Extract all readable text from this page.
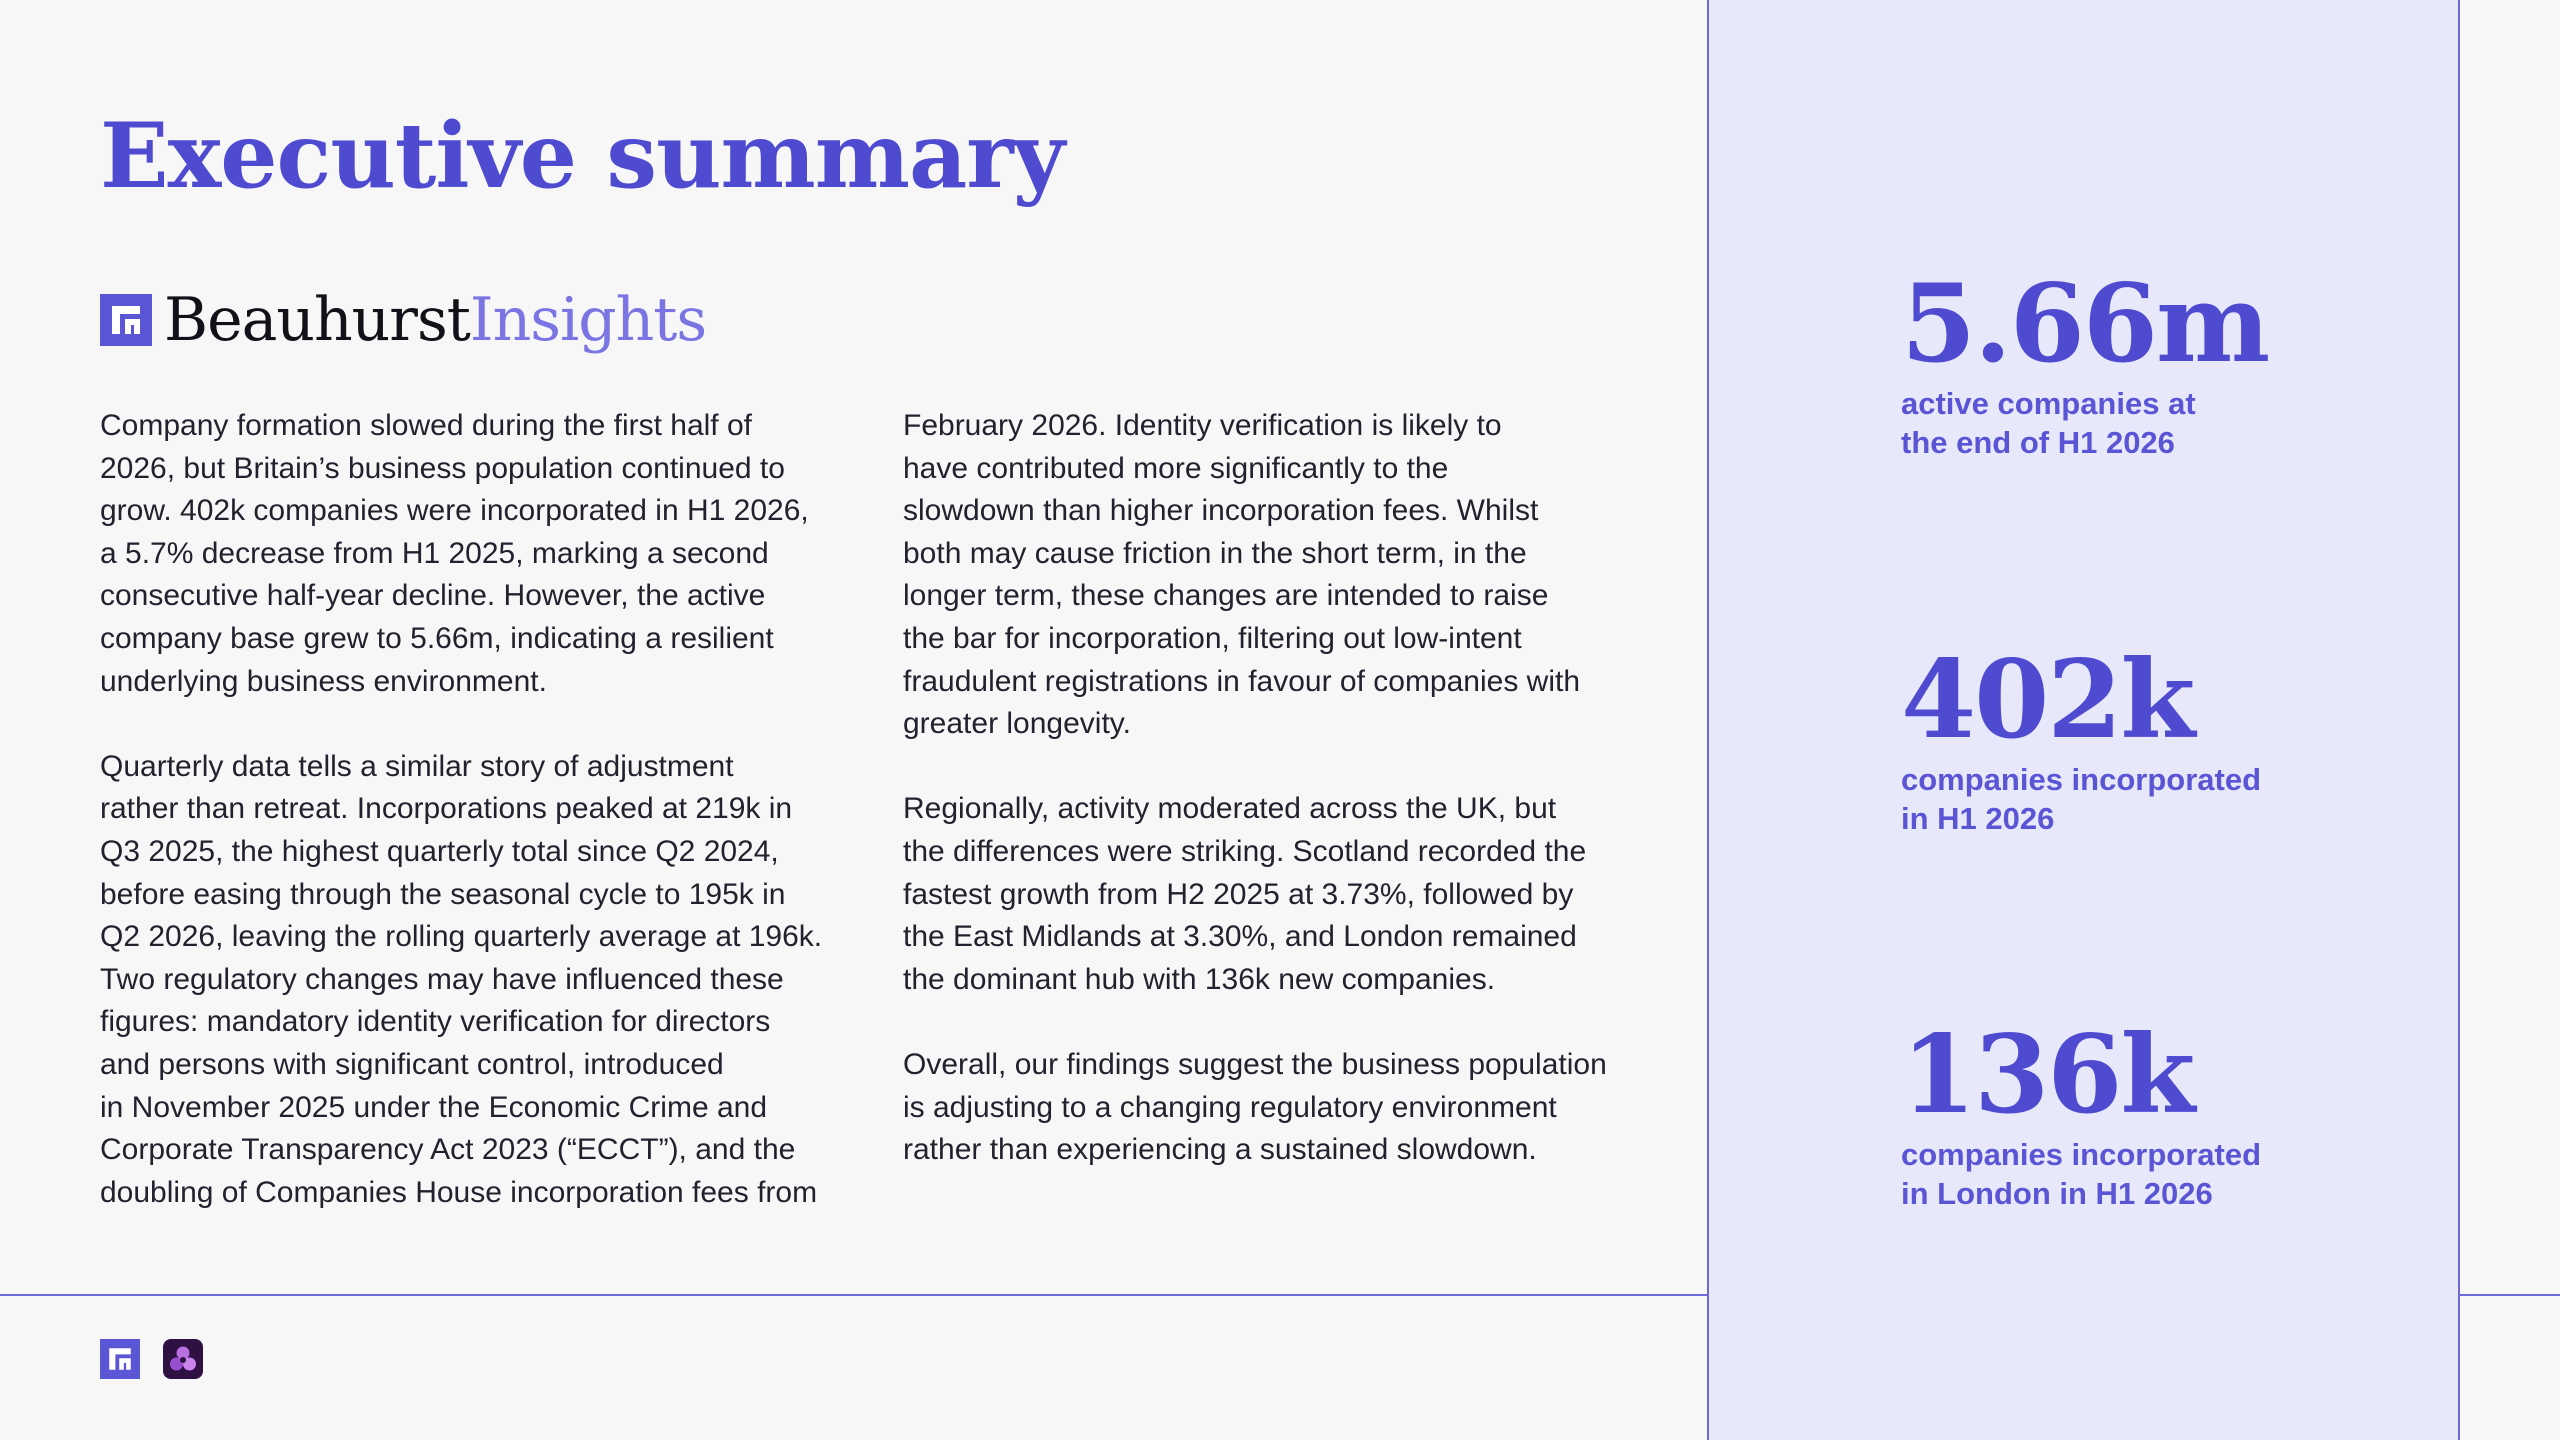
Executive summary
BeauhurstInsights

Company formation slowed during the first half of
2026, but Britain’s business population continued to
grow. 402k companies were incorporated in H1 2026,
a 5.7% decrease from H1 2025, marking a second
consecutive half-year decline. However, the active
company base grew to 5.66m, indicating a resilient
underlying business environment.

Quarterly data tells a similar story of adjustment
rather than retreat. Incorporations peaked at 219k in
Q3 2025, the highest quarterly total since Q2 2024,
before easing through the seasonal cycle to 195k in
Q2 2026, leaving the rolling quarterly average at 196k.
Two regulatory changes may have influenced these
figures: mandatory identity verification for directors
and persons with significant control, introduced
in November 2025 under the Economic Crime and
Corporate Transparency Act 2023 (“ECCT”), and the
doubling of Companies House incorporation fees from

February 2026. Identity verification is likely to
have contributed more significantly to the
slowdown than higher incorporation fees. Whilst
both may cause friction in the short term, in the
longer term, these changes are intended to raise
the bar for incorporation, filtering out low-intent
fraudulent registrations in favour of companies with
greater longevity.

Regionally, activity moderated across the UK, but
the differences were striking. Scotland recorded the
fastest growth from H2 2025 at 3.73%, followed by
the East Midlands at 3.30%, and London remained
the dominant hub with 136k new companies.

Overall, our findings suggest the business population
is adjusting to a changing regulatory environment
rather than experiencing a sustained slowdown.

5.66m
active companies at
the end of H1 2026
402k
companies incorporated
in H1 2026
136k
companies incorporated
in London in H1 2026
